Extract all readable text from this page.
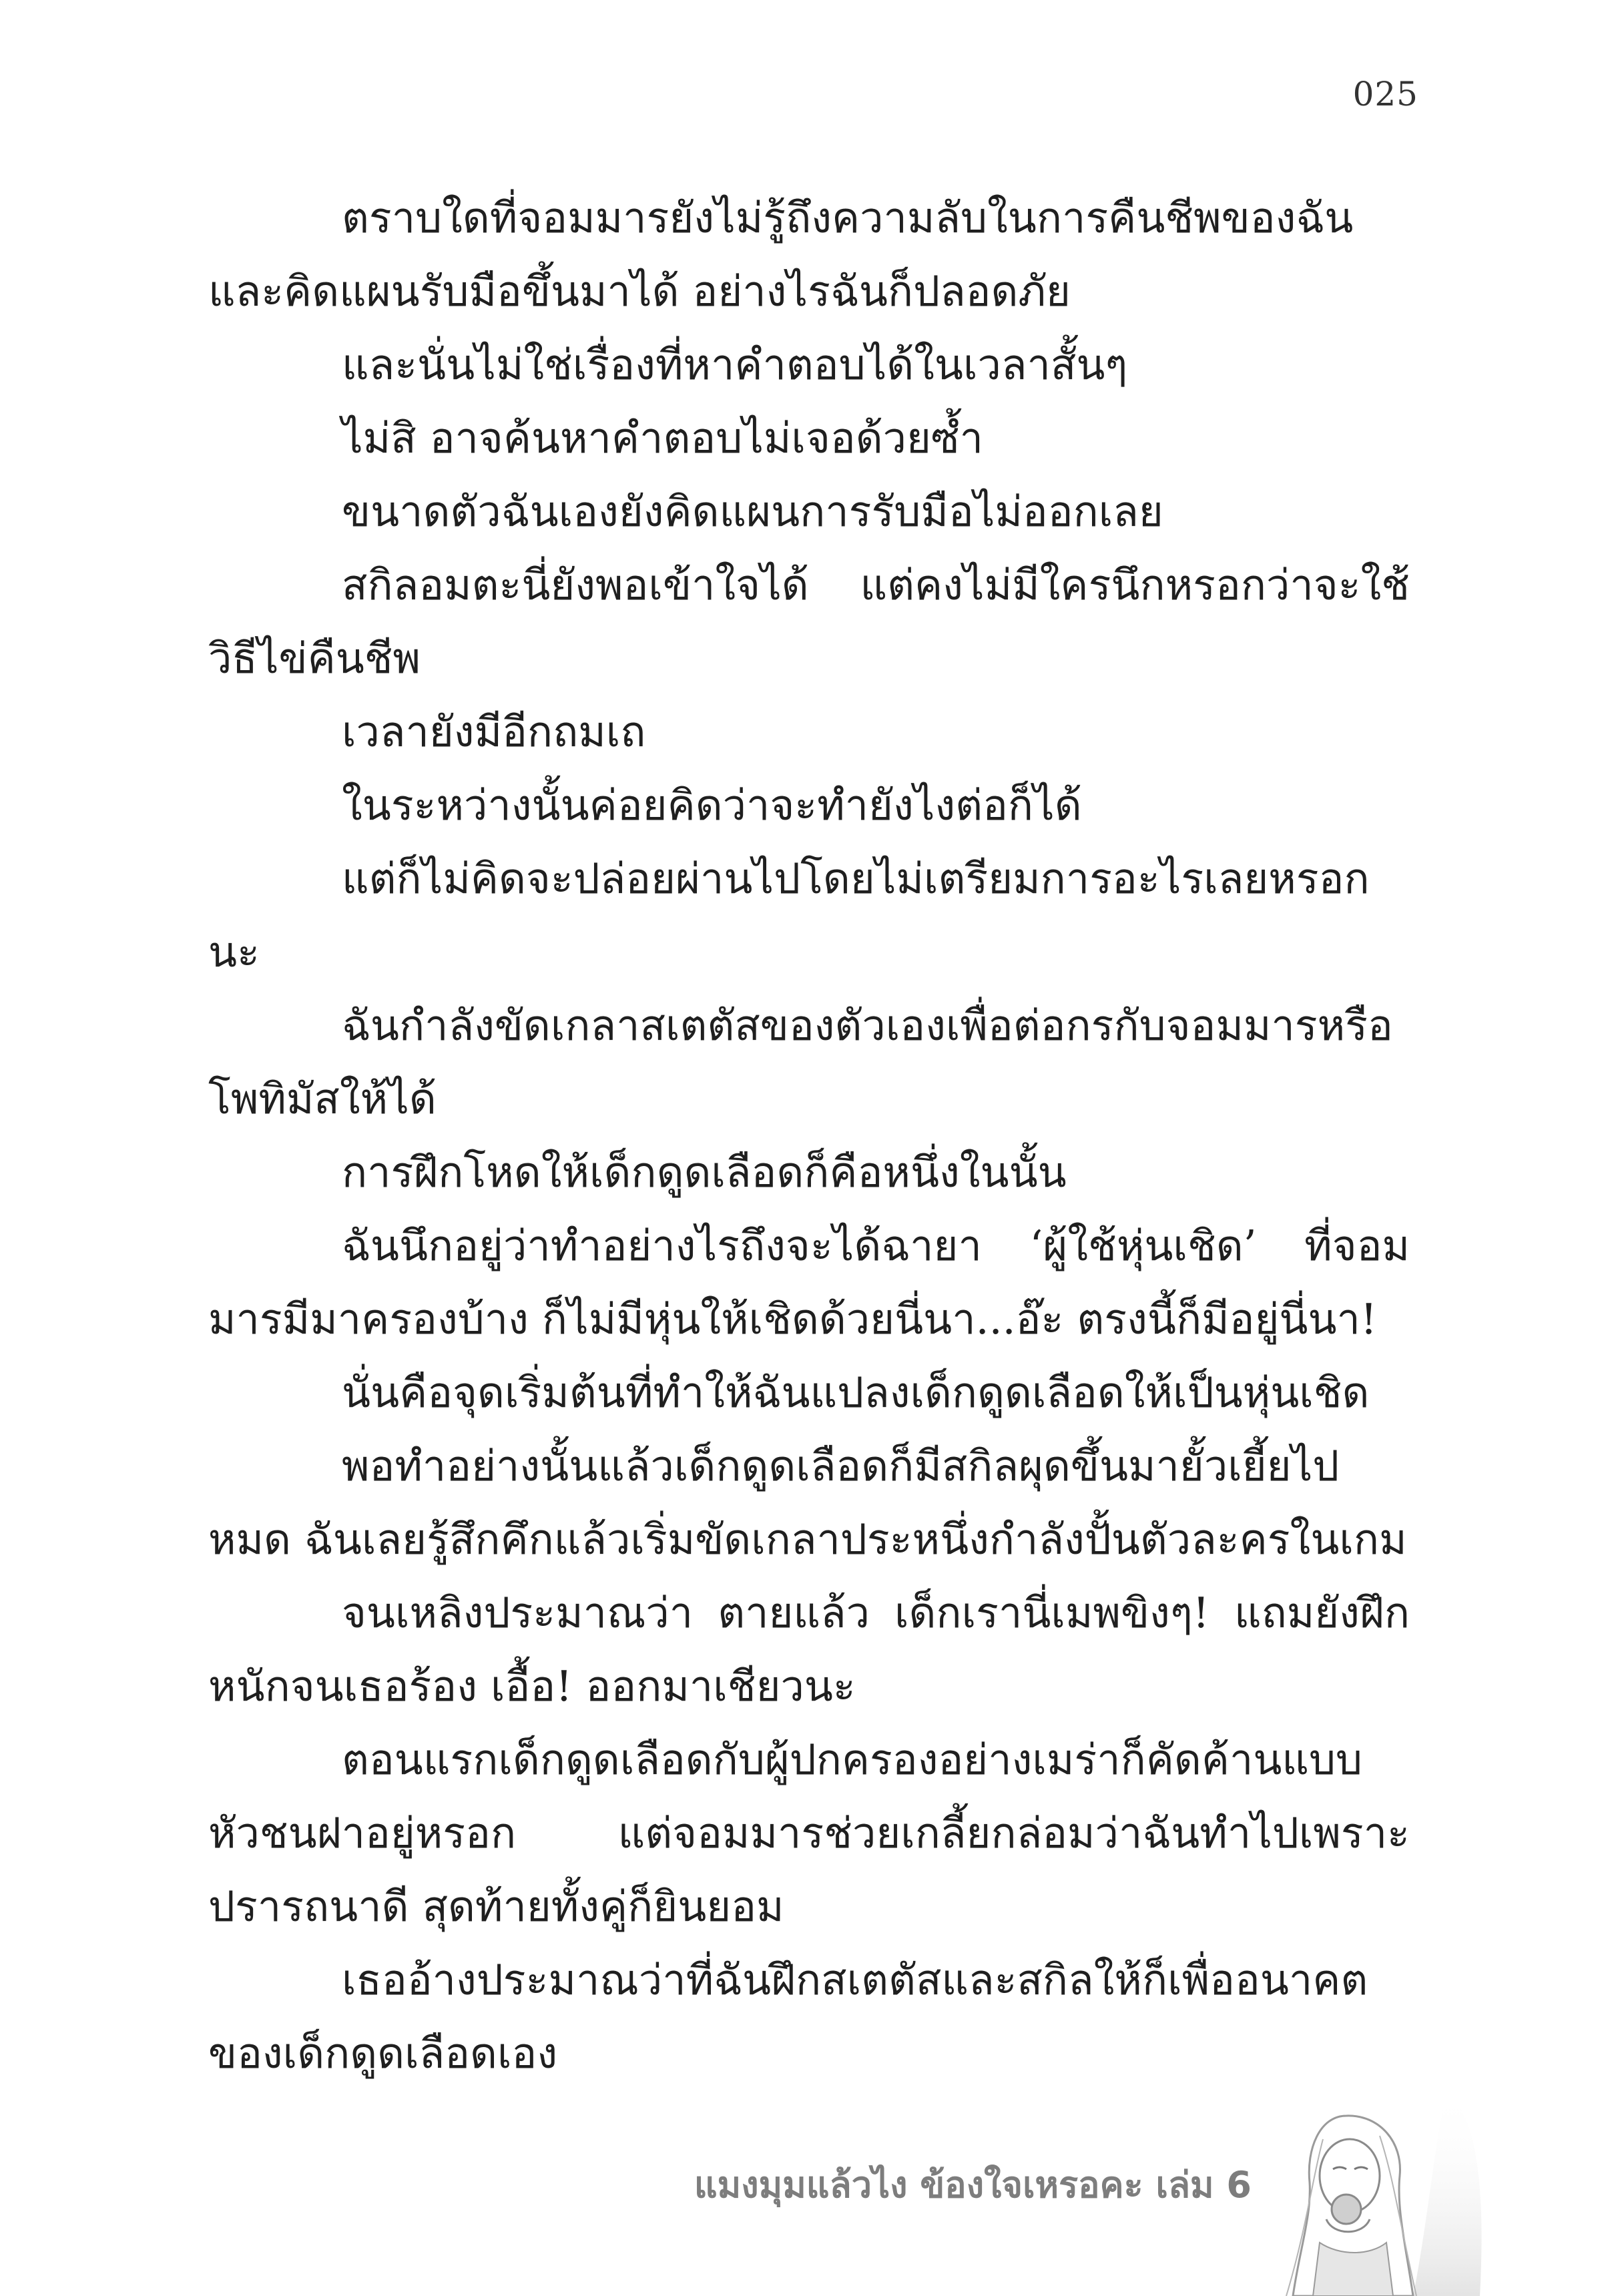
025

ตราบใดที่จอมมารยังไม่รู้ถึงความลับในการคืนชีพของฉัน และคิดแผนรับมือขึ้นมาได้ อย่างไรฉันก็ปลอดภัย

และนั่นไม่ใช่เรื่องที่หาคำตอบได้ในเวลาสั้นๆ

ไม่สิ อาจค้นหาคำตอบไม่เจอด้วยซ้ำ

ขนาดตัวฉันเองยังคิดแผนการรับมือไม่ออกเลย

สกิลอมตะนี่ยังพอเข้าใจได้ แต่คงไม่มีใครนึกหรอกว่าจะใช้วิธีไข่คืนชีพ

เวลายังมีอีกถมเถ

ในระหว่างนั้นค่อยคิดว่าจะทำยังไงต่อก็ได้

แต่ก็ไม่คิดจะปล่อยผ่านไปโดยไม่เตรียมการอะไรเลยหรอกนะ

ฉันกำลังขัดเกลาสเตตัสของตัวเองเพื่อต่อกรกับจอมมารหรือโพทิมัสให้ได้

การฝึกโหดให้เด็กดูดเลือดก็คือหนึ่งในนั้น

ฉันนึกอยู่ว่าทำอย่างไรถึงจะได้ฉายา ‘ผู้ใช้หุ่นเชิด’ ที่จอมมารมีมาครองบ้าง ก็ไม่มีหุ่นให้เชิดด้วยนี่นา...อ๊ะ ตรงนี้ก็มีอยู่นี่นา!

นั่นคือจุดเริ่มต้นที่ทำให้ฉันแปลงเด็กดูดเลือดให้เป็นหุ่นเชิด

พอทำอย่างนั้นแล้วเด็กดูดเลือดก็มีสกิลผุดขึ้นมายั้วเยี้ยไปหมด ฉันเลยรู้สึกคึกแล้วเริ่มขัดเกลาประหนึ่งกำลังปั้นตัวละครในเกม

จนเหลิงประมาณว่า ตายแล้ว เด็กเรานี่เมพขิงๆ! แถมยังฝึกหนักจนเธอร้อง เอื้อ! ออกมาเชียวนะ

ตอนแรกเด็กดูดเลือดกับผู้ปกครองอย่างเมร่าก็คัดค้านแบบหัวชนฝาอยู่หรอก แต่จอมมารช่วยเกลี้ยกล่อมว่าฉันทำไปเพราะปรารถนาดี สุดท้ายทั้งคู่ก็ยินยอม

เธออ้างประมาณว่าที่ฉันฝึกสเตตัสและสกิลให้ก็เพื่ออนาคตของเด็กดูดเลือดเอง

แมงมุมแล้วไง ข้องใจเหรอคะ เล่ม 6
